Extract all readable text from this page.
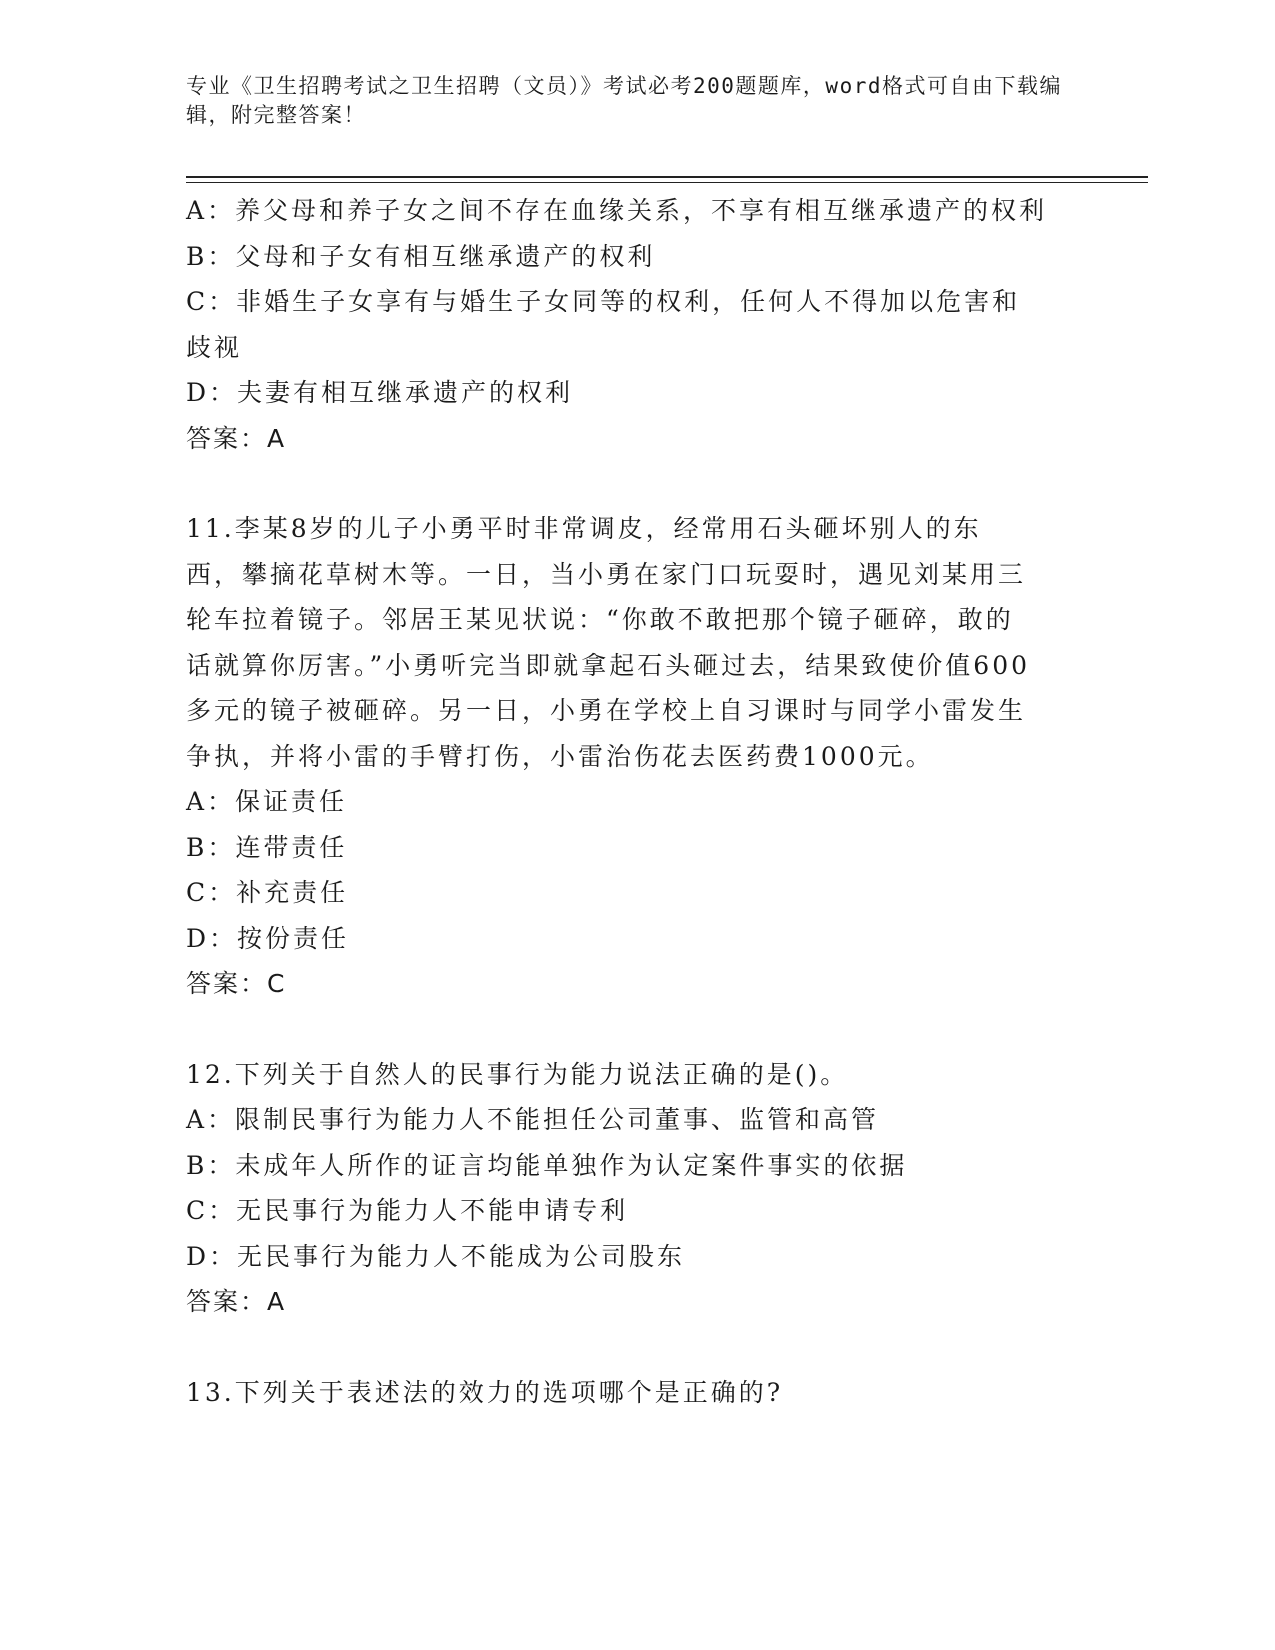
专业《卫生招聘考试之卫生招聘（文员）》考试必考200题题库，word格式可自由下载编辑，附完整答案！
A：养父母和养子女之间不存在血缘关系，不享有相互继承遗产的权利
B：父母和子女有相互继承遗产的权利
C：非婚生子女享有与婚生子女同等的权利，任何人不得加以危害和歧视
D：夫妻有相互继承遗产的权利
答案：A
11.李某8岁的儿子小勇平时非常调皮，经常用石头砸坏别人的东西，攀摘花草树木等。一日，当小勇在家门口玩耍时，遇见刘某用三轮车拉着镜子。邻居王某见状说：“你敢不敢把那个镜子砸碎，敢的话就算你厉害。”小勇听完当即就拿起石头砸过去，结果致使价值600多元的镜子被砸碎。另一日，小勇在学校上自习课时与同学小雷发生争执，并将小雷的手臂打伤，小雷治伤花去医药费1000元。
A：保证责任
B：连带责任
C：补充责任
D：按份责任
答案：C
12.下列关于自然人的民事行为能力说法正确的是()。
A：限制民事行为能力人不能担任公司董事、监管和高管
B：未成年人所作的证言均能单独作为认定案件事实的依据
C：无民事行为能力人不能申请专利
D：无民事行为能力人不能成为公司股东
答案：A
13.下列关于表述法的效力的选项哪个是正确的?
